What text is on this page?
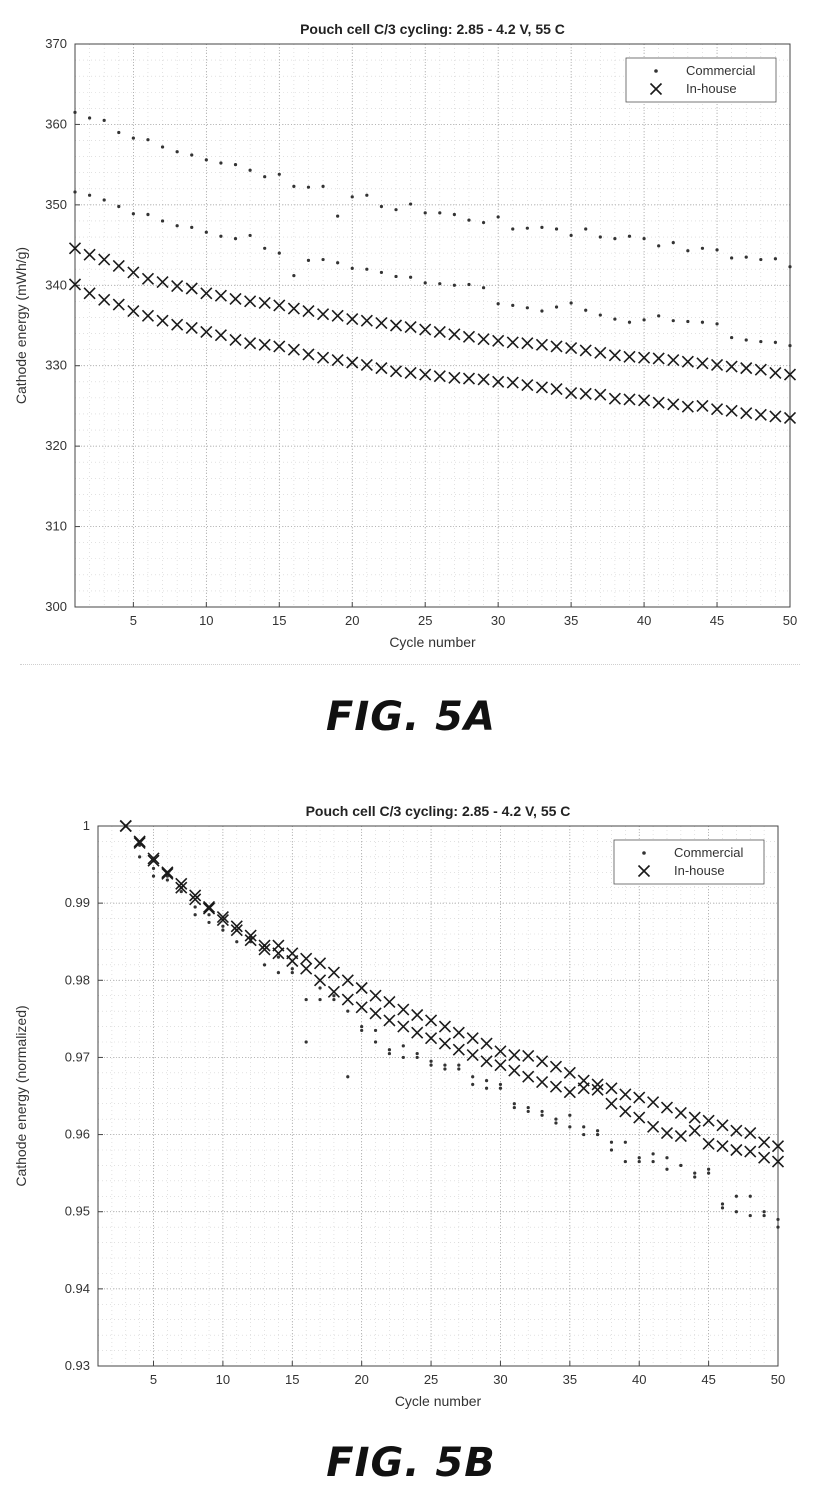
5	10	15	20	25	30	35	40	45	50
300
310
320
330
340
350
360
370
Pouch cell C/3 cycling: 2.85 - 4.2 V, 55 C
Cycle number
Cathode energy (mWh/g)
Commercial
In-house
FIG. 5A
5	10	15	20	25	30	35	40	45	50
0.93
0.94
0.95
0.96
0.97
0.98
0.99
1
Pouch cell C/3 cycling: 2.85 - 4.2 V, 55 C
Cycle number
Cathode energy (normalized)
Commercial
In-house
FIG. 5B
